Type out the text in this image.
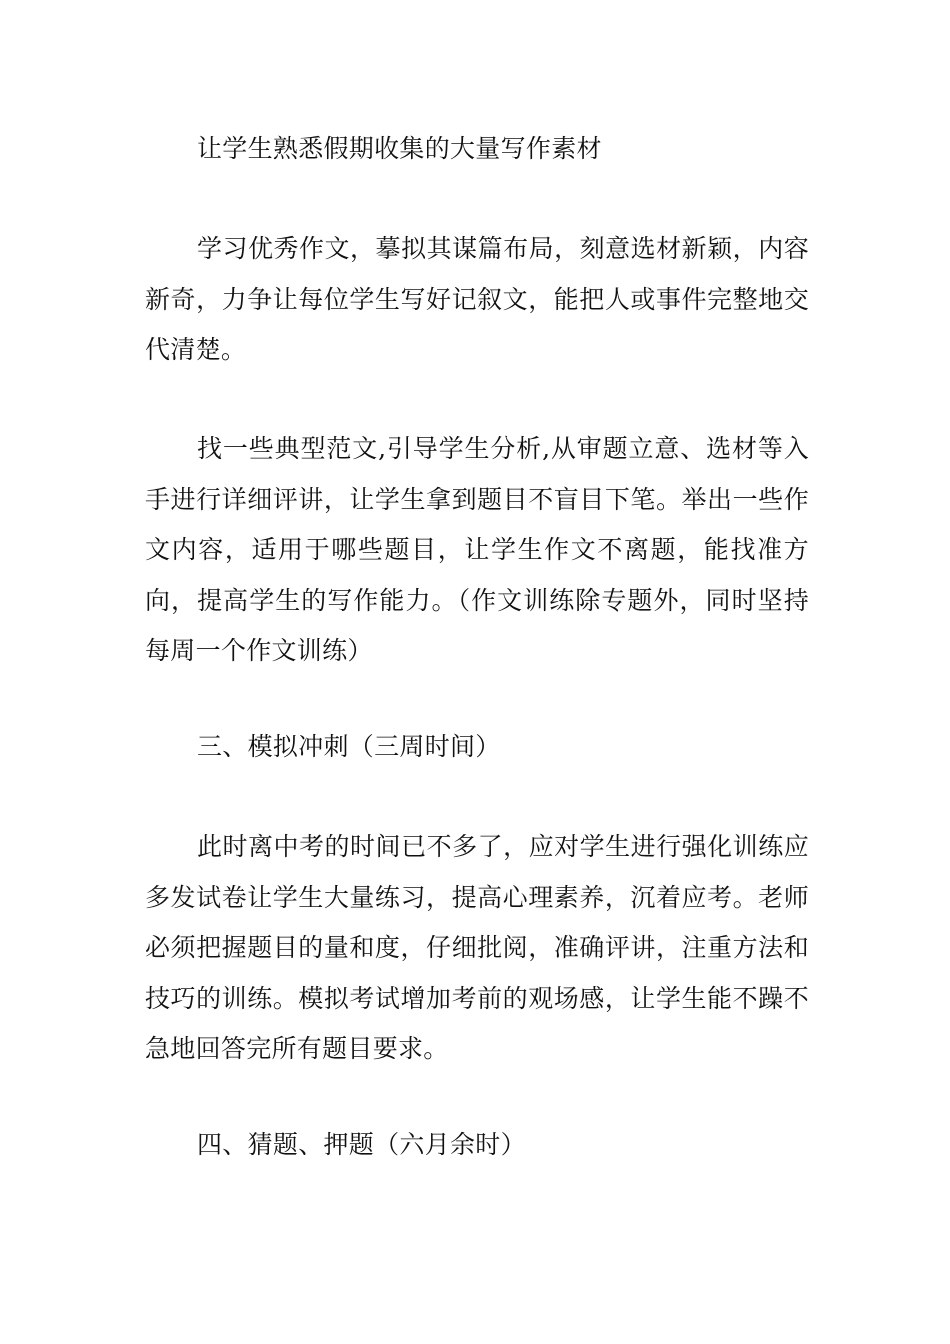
让学生熟悉假期收集的大量写作素材

学习优秀作文，摹拟其谋篇布局，刻意选材新颖，内容新奇，力争让每位学生写好记叙文，能把人或事件完整地交代清楚。

找一些典型范文,引导学生分析,从审题立意、选材等入手进行详细评讲，让学生拿到题目不盲目下笔。举出一些作文内容，适用于哪些题目，让学生作文不离题，能找准方向，提高学生的写作能力。（作文训练除专题外，同时坚持每周一个作文训练）

三、模拟冲刺（三周时间）

此时离中考的时间已不多了，应对学生进行强化训练应多发试卷让学生大量练习，提高心理素养，沉着应考。老师必须把握题目的量和度，仔细批阅，准确评讲，注重方法和技巧的训练。模拟考试增加考前的观场感，让学生能不躁不急地回答完所有题目要求。

四、猜题、押题（六月余时）
